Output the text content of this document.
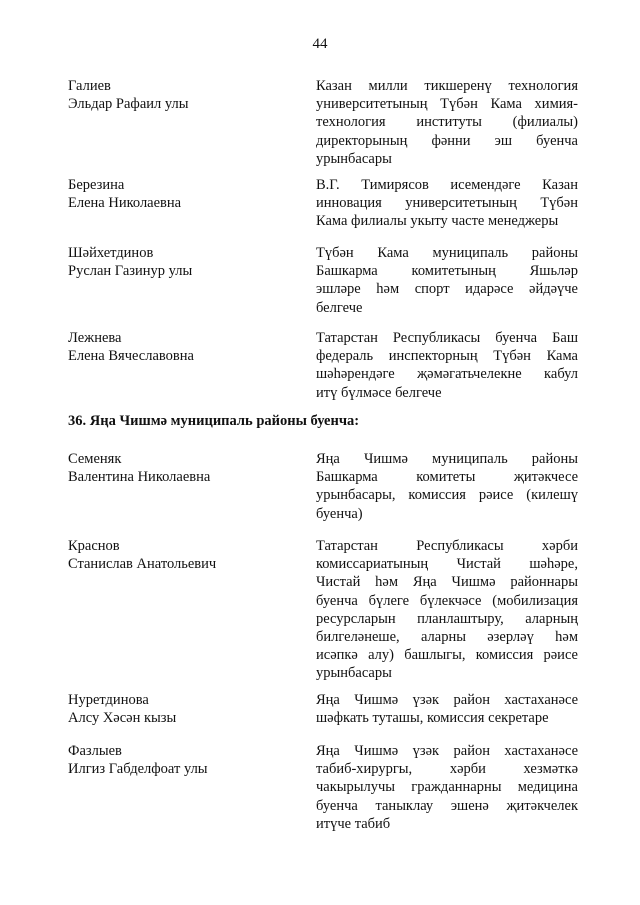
44
Галиев
Эльдар Рафаил улы
Казан милли тикшеренү технология
университетының Түбән Кама химия-
технология институты (филиалы)
директорының фәнни эш буенча
урынбасары
Березина
Елена Николаевна
В.Г. Тимирясов исемендәге Казан
инновация университетының Түбән
Кама филиалы укыту часте менеджеры
Шәйхетдинов
Руслан Газинур улы
Түбән Кама муниципаль районы
Башкарма комитетының Яшьләр
эшләре һәм спорт идарәсе әйдәүче
белгече
Лежнева
Елена Вячеславовна
Татарстан Республикасы буенча Баш
федераль инспекторның Түбән Кама
шәһәрендәге җәмәгатьчелекне кабул
итү бүлмәсе белгече
36. Яңа Чишмә муниципаль районы буенча:
Семеняк
Валентина Николаевна
Яңа Чишмә муниципаль районы
Башкарма комитеты җитәкчесе
урынбасары, комиссия рәисе (килешү
буенча)
Краснов
Станислав Анатольевич
Татарстан Республикасы хәрби
комиссариатының Чистай шәһәре,
Чистай һәм Яңа Чишмә районнары
буенча бүлеге бүлекчәсе (мобилизация
ресурсларын планлаштыру, аларның
билгеләнеше, аларны әзерләү һәм
исәпкә алу) башлыгы, комиссия рәисе
урынбасары
Нуретдинова
Алсу Хәсән кызы
Яңа Чишмә үзәк район хастаханәсе
шәфкать туташы, комиссия секретаре
Фазлыев
Илгиз Габделфоат улы
Яңа Чишмә үзәк район хастаханәсе
табиб-хирургы, хәрби хезмәткә
чакырылучы гражданнарны медицина
буенча таныклау эшенә җитәкчелек
итүче табиб
